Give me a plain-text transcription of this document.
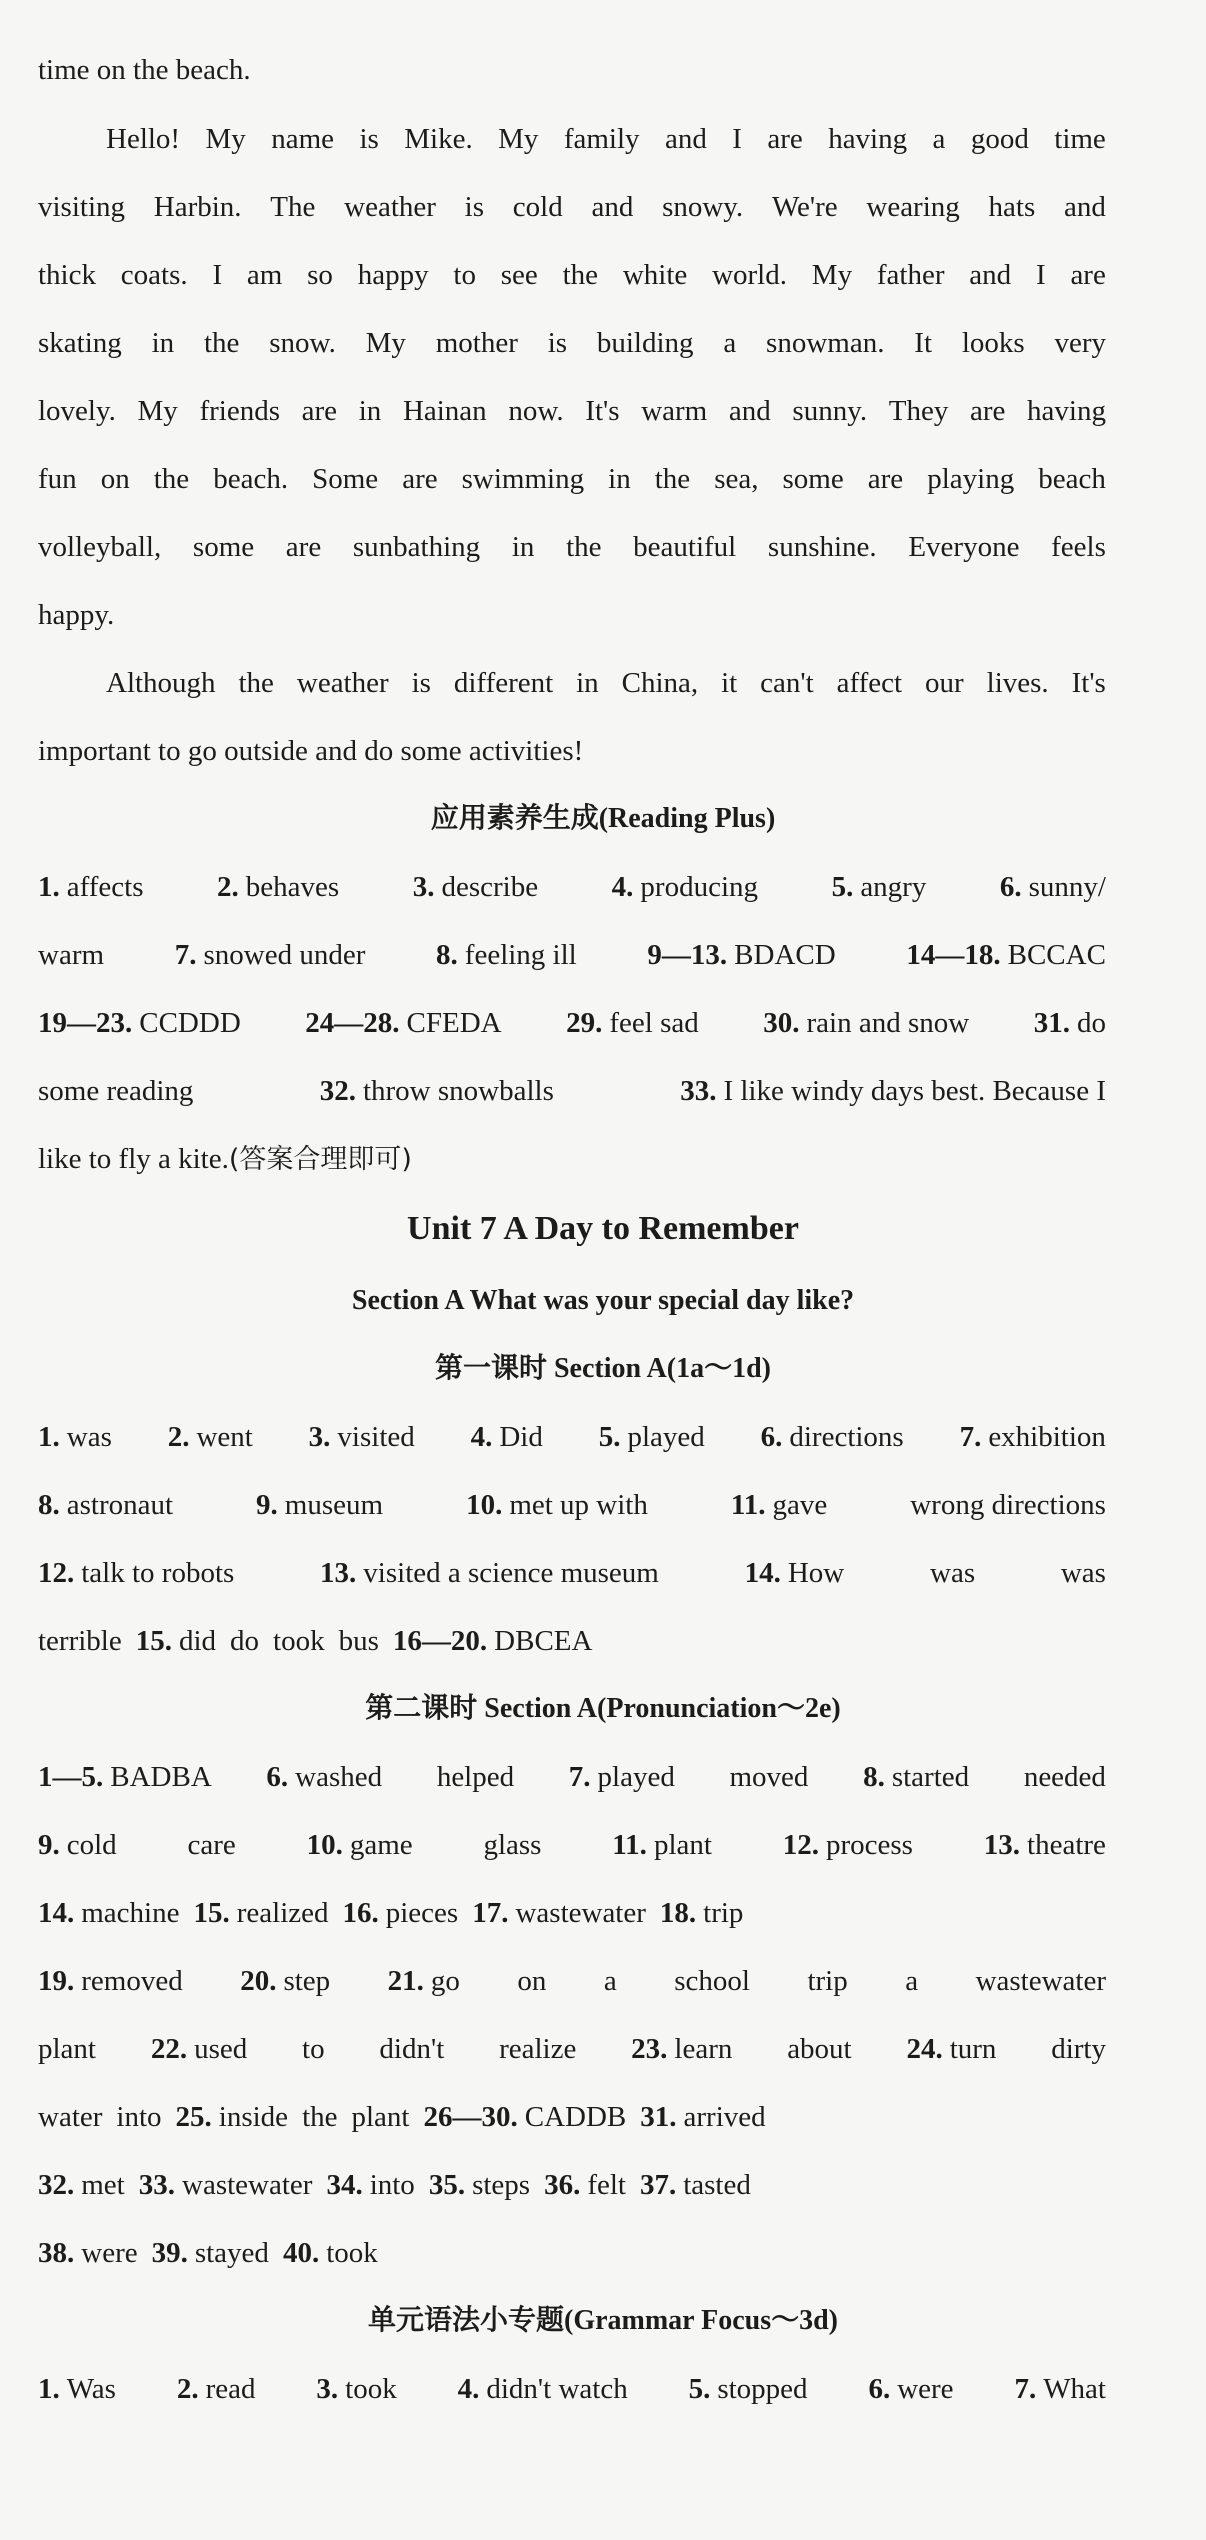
time on the beach.
Hello! My name is Mike. My family and I are having a good time
visiting Harbin. The weather is cold and snowy. We're wearing hats and
thick coats. I am so happy to see the white world. My father and I are
skating in the snow. My mother is building a snowman. It looks very
lovely. My friends are in Hainan now. It's warm and sunny. They are having
fun on the beach. Some are swimming in the sea, some are playing beach
volleyball, some are sunbathing in the beautiful sunshine. Everyone feels
happy.
Although the weather is different in China, it can't affect our lives. It's
important to go outside and do some activities!
应用素养生成(Reading Plus)
1. affects	2. behaves	3. describe	4. producing	5. angry	6. sunny/
warm 7. snowed under 8. feeling ill 9—13. BDACD 14—18. BCCAC
19—23. CCDDD 24—28. CFEDA 29. feel sad 30. rain and snow 31. do
some reading	32. throw snowballs	33. I like windy days best. Because I
like to fly a kite.(答案合理即可)
Unit 7 A Day to Remember
Section A What was your special day like?
第一课时 Section A(1a～1d)
1. was 2. went 3. visited 4. Did 5. played 6. directions 7. exhibition
8. astronaut	9. museum	10. met up with	11. gave	wrong directions
12. talk to robots	13. visited a science museum	14. How	was	was
terrible 15. did do took bus 16—20. DBCEA
第二课时 Section A(Pronunciation～2e)
1—5. BADBA 6. washed helped 7. played moved 8. started needed
9. cold care 10. game glass 11. plant 12. process 13. theatre
14. machine 15. realized 16. pieces 17. wastewater 18. trip
19. removed 20. step 21. go on a school trip a wastewater
plant 22. used to didn't realize 23. learn about 24. turn dirty
water into 25. inside the plant 26—30. CADDB 31. arrived
32. met 33. wastewater 34. into 35. steps 36. felt 37. tasted
38. were 39. stayed 40. took
单元语法小专题(Grammar Focus～3d)
1. Was 2. read 3. took 4. didn't watch 5. stopped 6. were 7. What
